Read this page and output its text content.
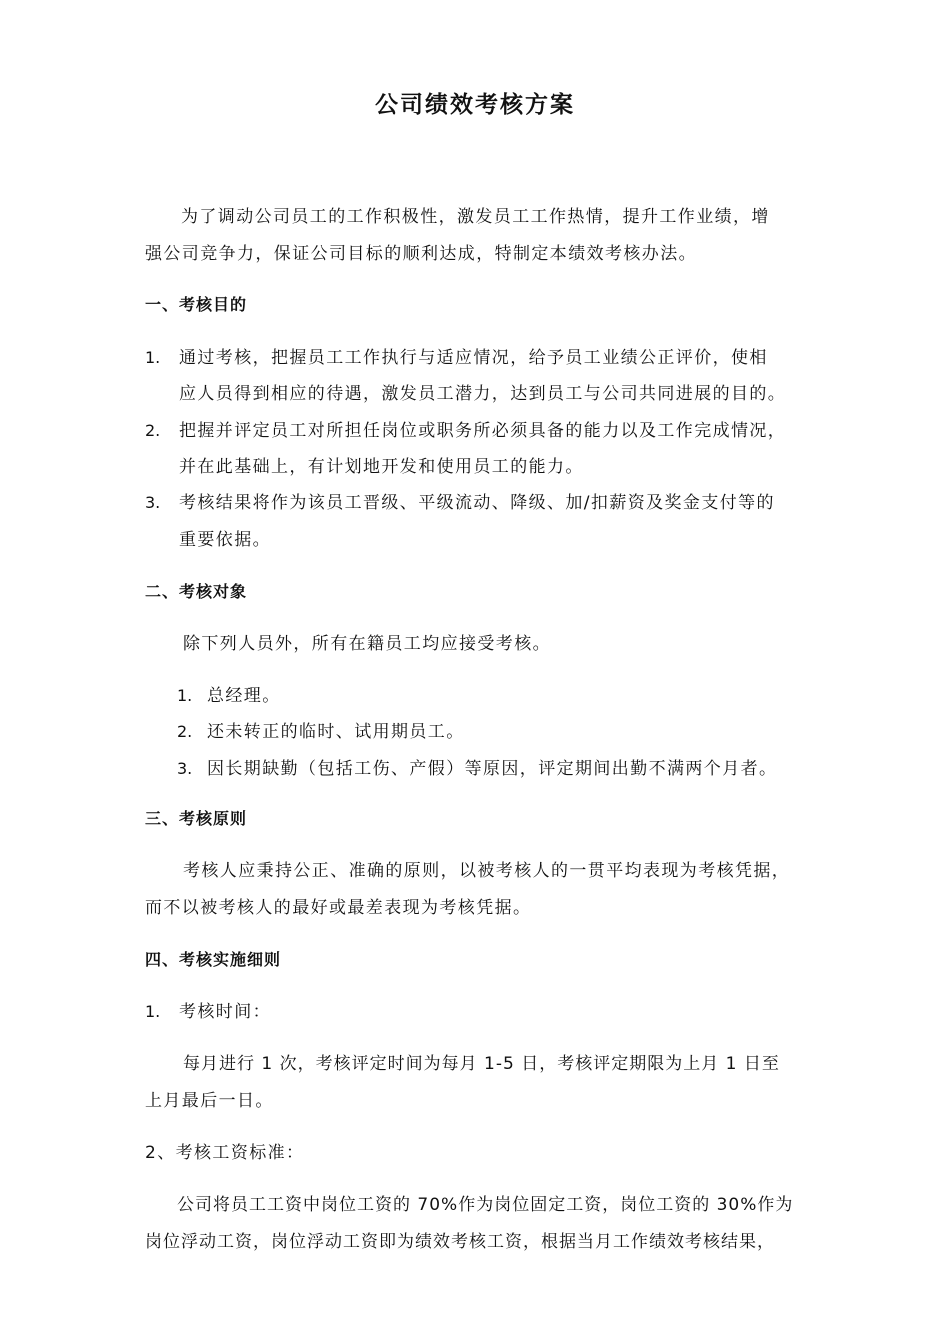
公司绩效考核方案
为了调动公司员工的工作积极性，激发员工工作热情，提升工作业绩，增
强公司竞争力，保证公司目标的顺利达成，特制定本绩效考核办法。
一、考核目的
1. 通过考核，把握员工工作执行与适应情况，给予员工业绩公正评价，使相
应人员得到相应的待遇，激发员工潜力，达到员工与公司共同进展的目的。
2. 把握并评定员工对所担任岗位或职务所必须具备的能力以及工作完成情况，
并在此基础上，有计划地开发和使用员工的能力。
3. 考核结果将作为该员工晋级、平级流动、降级、加/扣薪资及奖金支付等的
重要依据。
二、考核对象
除下列人员外，所有在籍员工均应接受考核。
1. 总经理。
2. 还未转正的临时、试用期员工。
3. 因长期缺勤（包括工伤、产假）等原因，评定期间出勤不满两个月者。
三、考核原则
考核人应秉持公正、准确的原则，以被考核人的一贯平均表现为考核凭据，
而不以被考核人的最好或最差表现为考核凭据。
四、考核实施细则
1. 考核时间：
每月进行 1 次，考核评定时间为每月 1-5 日，考核评定期限为上月 1 日至
上月最后一日。
2、考核工资标准：
公司将员工工资中岗位工资的 70%作为岗位固定工资，岗位工资的 30%作为
岗位浮动工资，岗位浮动工资即为绩效考核工资，根据当月工作绩效考核结果，
